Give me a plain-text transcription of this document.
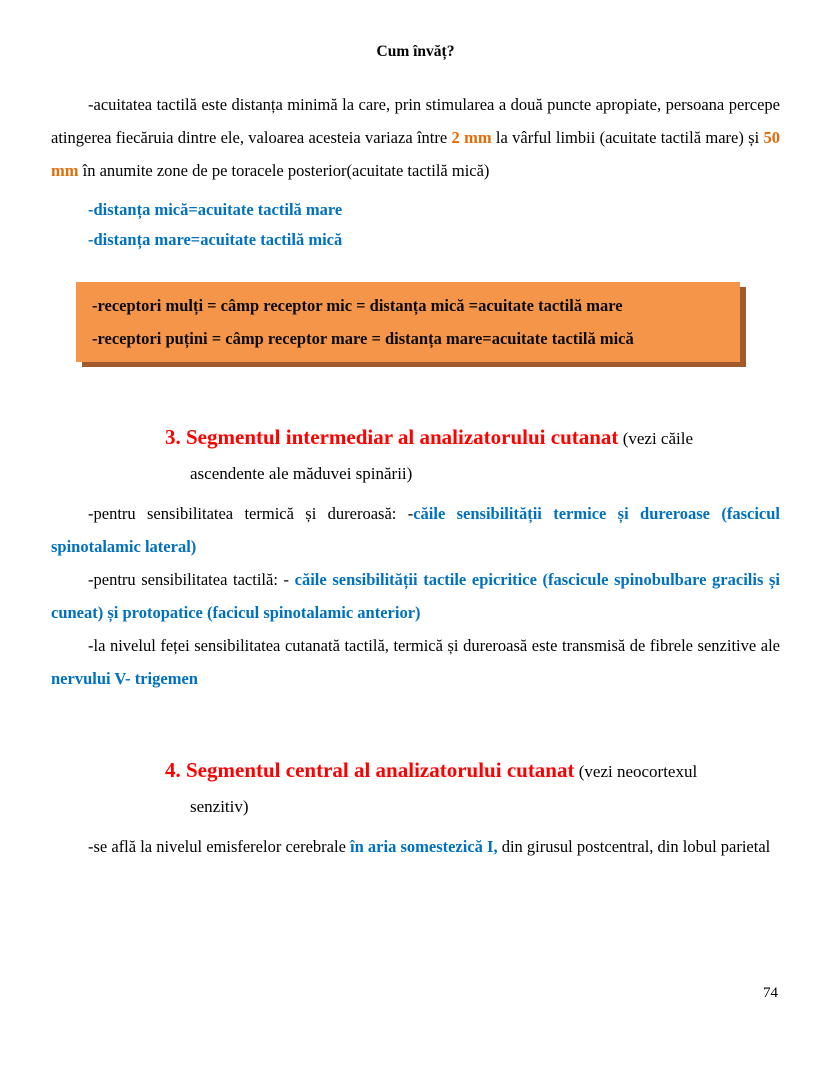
Cum învăț?

-acuitatea tactilă este distanța minimă la care, prin stimularea a două puncte apropiate, persoana percepe atingerea fiecăruia dintre ele, valoarea acesteia variaza între 2 mm la vârful limbii (acuitate tactilă mare) și 50 mm în anumite zone de pe toracele posterior(acuitate tactilă mică)

-distanța mică=acuitate tactilă mare

-distanța mare=acuitate tactilă mică

-receptori mulți = câmp receptor mic = distanța mică =acuitate tactilă mare
-receptori puțini = câmp receptor mare = distanța mare=acuitate tactilă mică
3. Segmentul intermediar al analizatorului cutanat (vezi căile
ascendente ale măduvei spinării)

-pentru sensibilitatea termică și dureroasă: -căile sensibilității termice și dureroase (fascicul spinotalamic lateral)

-pentru sensibilitatea tactilă: - căile sensibilității tactile epicritice (fascicule spinobulbare gracilis și cuneat) și protopatice (facicul spinotalamic anterior)

-la nivelul feței sensibilitatea cutanată tactilă, termică și dureroasă este transmisă de fibrele senzitive ale nervului V- trigemen

4. Segmentul central al analizatorului cutanat (vezi neocortexul
senzitiv)

-se află la nivelul emisferelor cerebrale în aria somestezică I, din girusul postcentral, din lobul parietal

74
